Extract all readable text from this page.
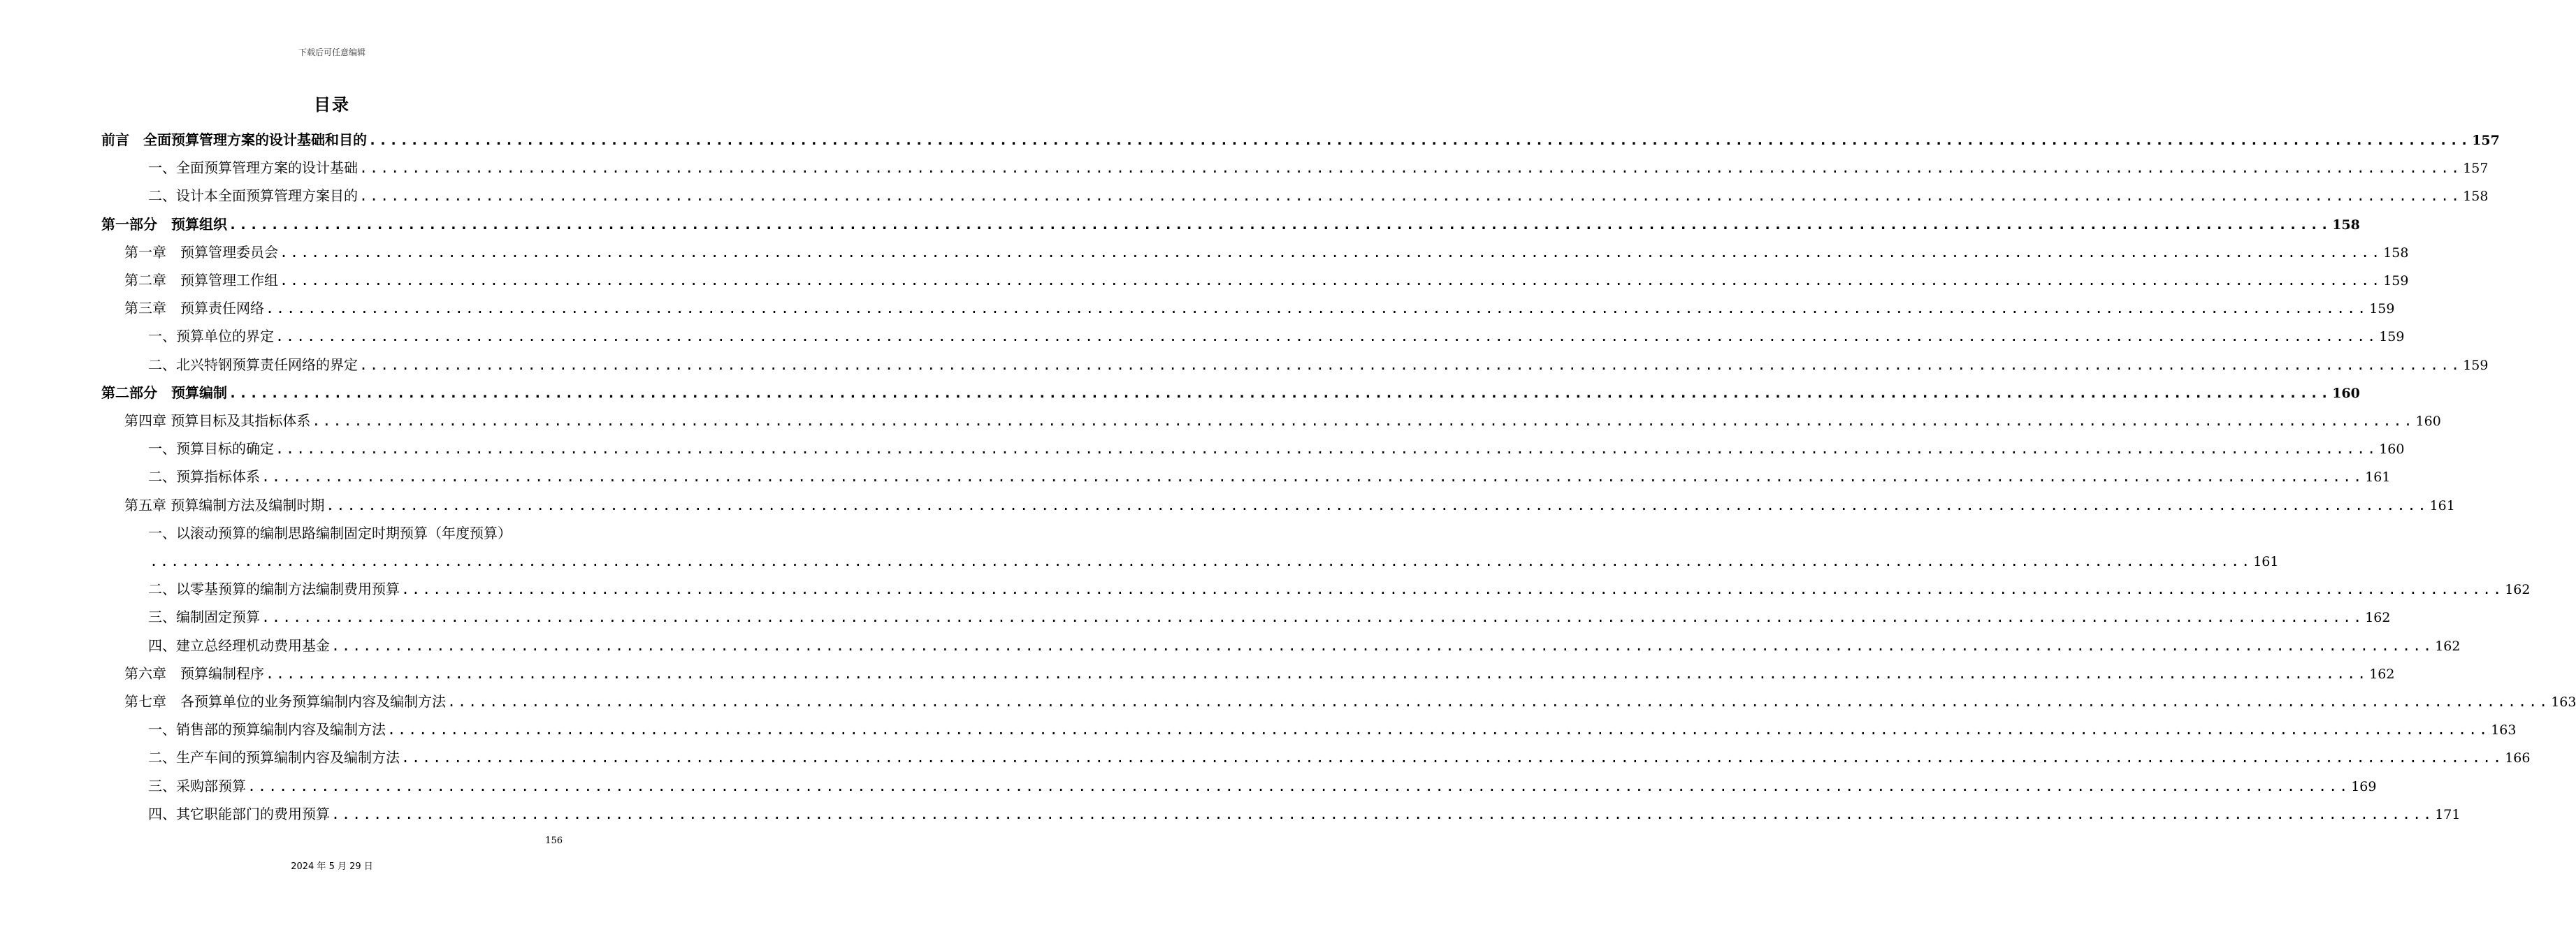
下载后可任意编辑
目录
前言　全面预算管理方案的设计基础和目的 ........................................................................................................................................................................................................ 157
一、全面预算管理方案的设计基础 ........................................................................................................................................................................................................ 157
二、设计本全面预算管理方案目的 ........................................................................................................................................................................................................ 158
第一部分　预算组织 ........................................................................................................................................................................................................ 158
第一章　预算管理委员会 ........................................................................................................................................................................................................ 158
第二章　预算管理工作组 ........................................................................................................................................................................................................ 159
第三章　预算责任网络 ........................................................................................................................................................................................................ 159
一、预算单位的界定 ........................................................................................................................................................................................................ 159
二、北兴特钢预算责任网络的界定 ........................................................................................................................................................................................................ 159
第二部分　预算编制 ........................................................................................................................................................................................................ 160
第四章 预算目标及其指标体系 ........................................................................................................................................................................................................ 160
一、预算目标的确定 ........................................................................................................................................................................................................ 160
二、预算指标体系 ........................................................................................................................................................................................................ 161
第五章 预算编制方法及编制时期 ........................................................................................................................................................................................................ 161
一、以滚动预算的编制思路编制固定时期预算（年度预算）
........................................................................................................................................................................................................ 161
二、以零基预算的编制方法编制费用预算 ........................................................................................................................................................................................................ 162
三、编制固定预算 ........................................................................................................................................................................................................ 162
四、建立总经理机动费用基金 ........................................................................................................................................................................................................ 162
第六章　预算编制程序 ........................................................................................................................................................................................................ 162
第七章　各预算单位的业务预算编制内容及编制方法 ........................................................................................................................................................................................................ 163
一、销售部的预算编制内容及编制方法 ........................................................................................................................................................................................................ 163
二、生产车间的预算编制内容及编制方法 ........................................................................................................................................................................................................ 166
三、采购部预算 ........................................................................................................................................................................................................ 169
四、其它职能部门的费用预算 ........................................................................................................................................................................................................ 171
156
2024 年 5 月 29 日
